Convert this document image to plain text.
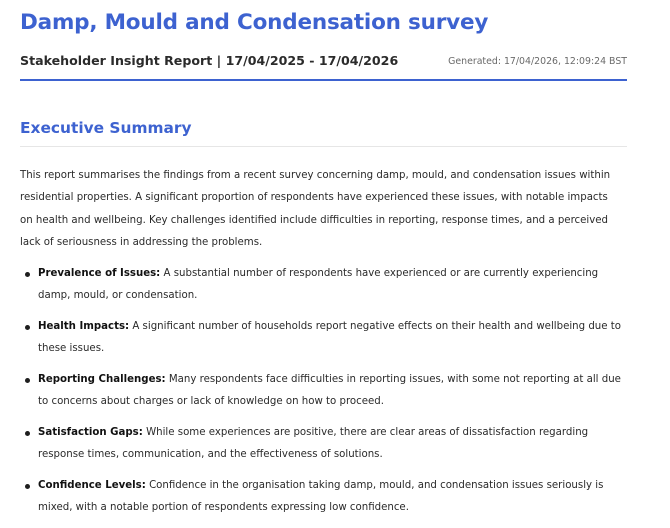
Damp, Mould and Condensation survey
Stakeholder Insight Report | 17/04/2025 - 17/04/2026	Generated: 17/04/2026, 12:09:24 BST
Executive Summary

This report summarises the findings from a recent survey concerning damp, mould, and condensation issues within residential properties. A significant proportion of respondents have experienced these issues, with notable impacts on health and wellbeing. Key challenges identified include difficulties in reporting, response times, and a perceived lack of seriousness in addressing the problems.

Prevalence of Issues: A substantial number of respondents have experienced or are currently experiencing damp, mould, or condensation.
Health Impacts: A significant number of households report negative effects on their health and wellbeing due to these issues.
Reporting Challenges: Many respondents face difficulties in reporting issues, with some not reporting at all due to concerns about charges or lack of knowledge on how to proceed.
Satisfaction Gaps: While some experiences are positive, there are clear areas of dissatisfaction regarding response times, communication, and the effectiveness of solutions.
Confidence Levels: Confidence in the organisation taking damp, mould, and condensation issues seriously is mixed, with a notable portion of respondents expressing low confidence.
